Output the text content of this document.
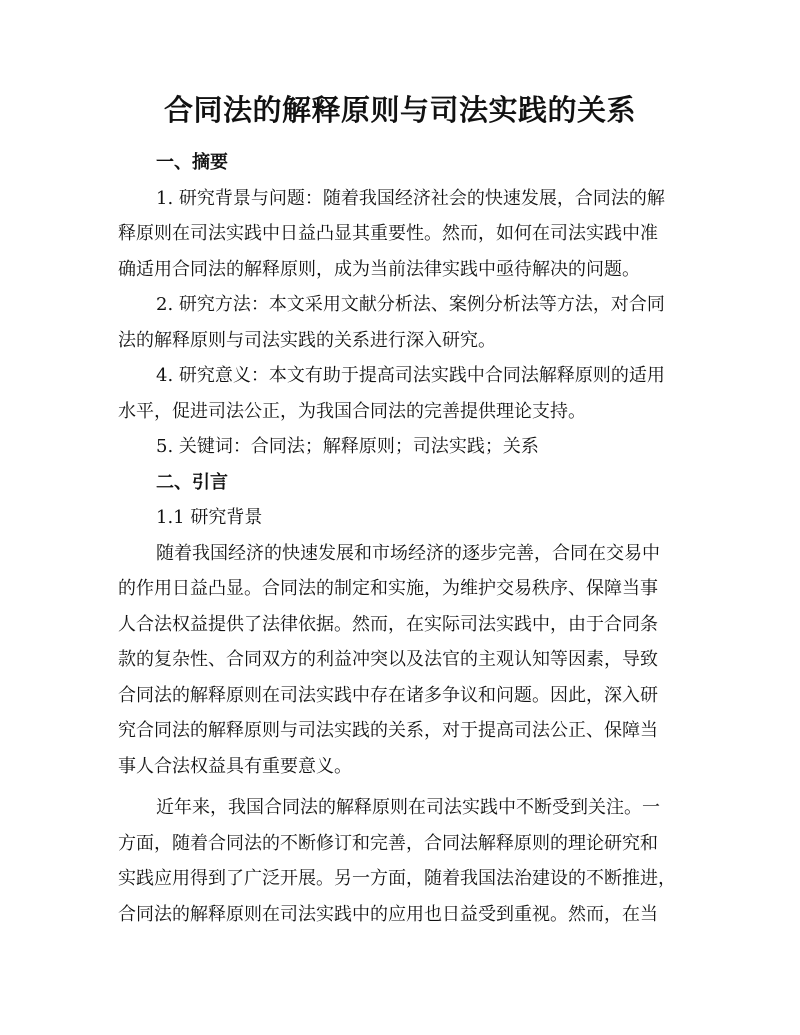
合同法的解释原则与司法实践的关系
一、摘要
1. 研究背景与问题：随着我国经济社会的快速发展，合同法的解
释原则在司法实践中日益凸显其重要性。然而，如何在司法实践中准
确适用合同法的解释原则，成为当前法律实践中亟待解决的问题。
2. 研究方法：本文采用文献分析法、案例分析法等方法，对合同
法的解释原则与司法实践的关系进行深入研究。
4. 研究意义：本文有助于提高司法实践中合同法解释原则的适用
水平，促进司法公正，为我国合同法的完善提供理论支持。
5. 关键词：合同法；解释原则；司法实践；关系
二、引言
1.1 研究背景
随着我国经济的快速发展和市场经济的逐步完善，合同在交易中
的作用日益凸显。合同法的制定和实施，为维护交易秩序、保障当事
人合法权益提供了法律依据。然而，在实际司法实践中，由于合同条
款的复杂性、合同双方的利益冲突以及法官的主观认知等因素，导致
合同法的解释原则在司法实践中存在诸多争议和问题。因此，深入研
究合同法的解释原则与司法实践的关系，对于提高司法公正、保障当
事人合法权益具有重要意义。
近年来，我国合同法的解释原则在司法实践中不断受到关注。一
方面，随着合同法的不断修订和完善，合同法解释原则的理论研究和
实践应用得到了广泛开展。另一方面，随着我国法治建设的不断推进，
合同法的解释原则在司法实践中的应用也日益受到重视。然而，在当
